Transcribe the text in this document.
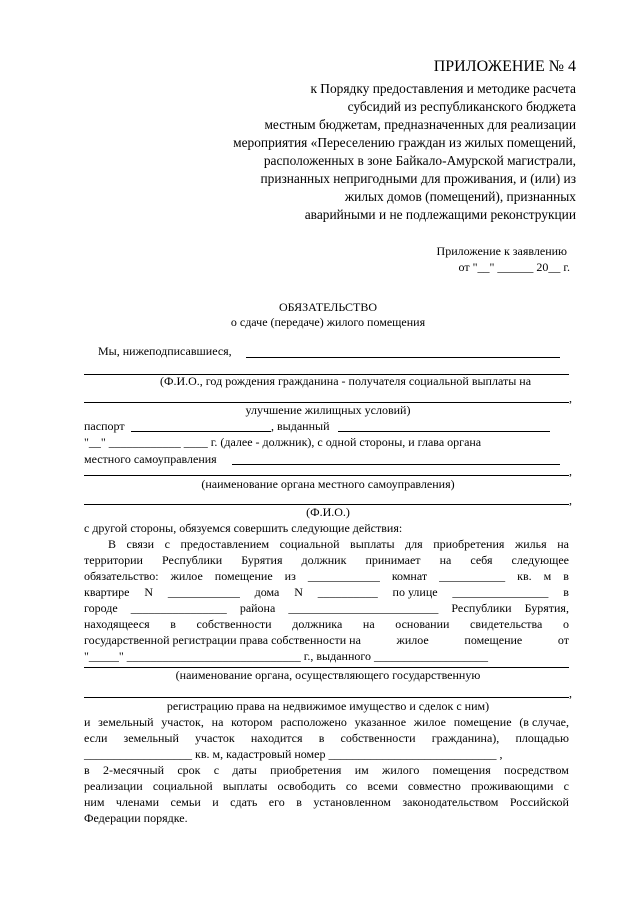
ПРИЛОЖЕНИЕ № 4
к Порядку предоставления и методике расчета
субсидий из республиканского бюджета
местным бюджетам, предназначенных для реализации
мероприятия «Переселению граждан из жилых помещений,
расположенных в зоне Байкало-Амурской магистрали,
признанных непригодными для проживания, и (или) из
жилых домов (помещений), признанных
аварийными и не подлежащими реконструкции
Приложение к заявлению
от "__" ______ 20__ г.
ОБЯЗАТЕЛЬСТВО
о сдаче (передаче) жилого помещения
Мы, нижеподписавшиеся,
(Ф.И.О., год рождения гражданина - получателя социальной выплаты на
,
улучшение жилищных условий)
паспорт	, выданный
"__" ____________ ____ г. (далее - должник), с одной стороны, и глава органа
местного самоуправления
,
(наименование органа местного самоуправления)
,
(Ф.И.О.)
с другой стороны, обязуемся совершить следующие действия:
В связи с предоставлением социальной выплаты для приобретения жилья на
территории Республики Бурятия должник принимает на себя следующее
обязательство: жилое помещение из ____________ комнат ___________ кв. м в
квартире N ____________ дома N __________ по улице ________________ в
городе ________________ района _________________________ Республики Бурятия,
находящееся в собственности должника на основании свидетельства о
государственной регистрации права собственности на	жилое	помещение	от
"_____" _____________________________ г., выданного ___________________
(наименование органа, осуществляющего государственную
,
регистрацию права на недвижимое имущество и сделок с ним)
и земельный участок, на котором расположено указанное жилое помещение (в случае,
если земельный участок находится в собственности гражданина), площадью
__________________ кв. м, кадастровый номер ____________________________ ,
в 2-месячный срок с даты приобретения им жилого помещения посредством
реализации социальной выплаты освободить со всеми совместно проживающими с
ним членами семьи и сдать его в установленном законодательством Российской
Федерации порядке.
